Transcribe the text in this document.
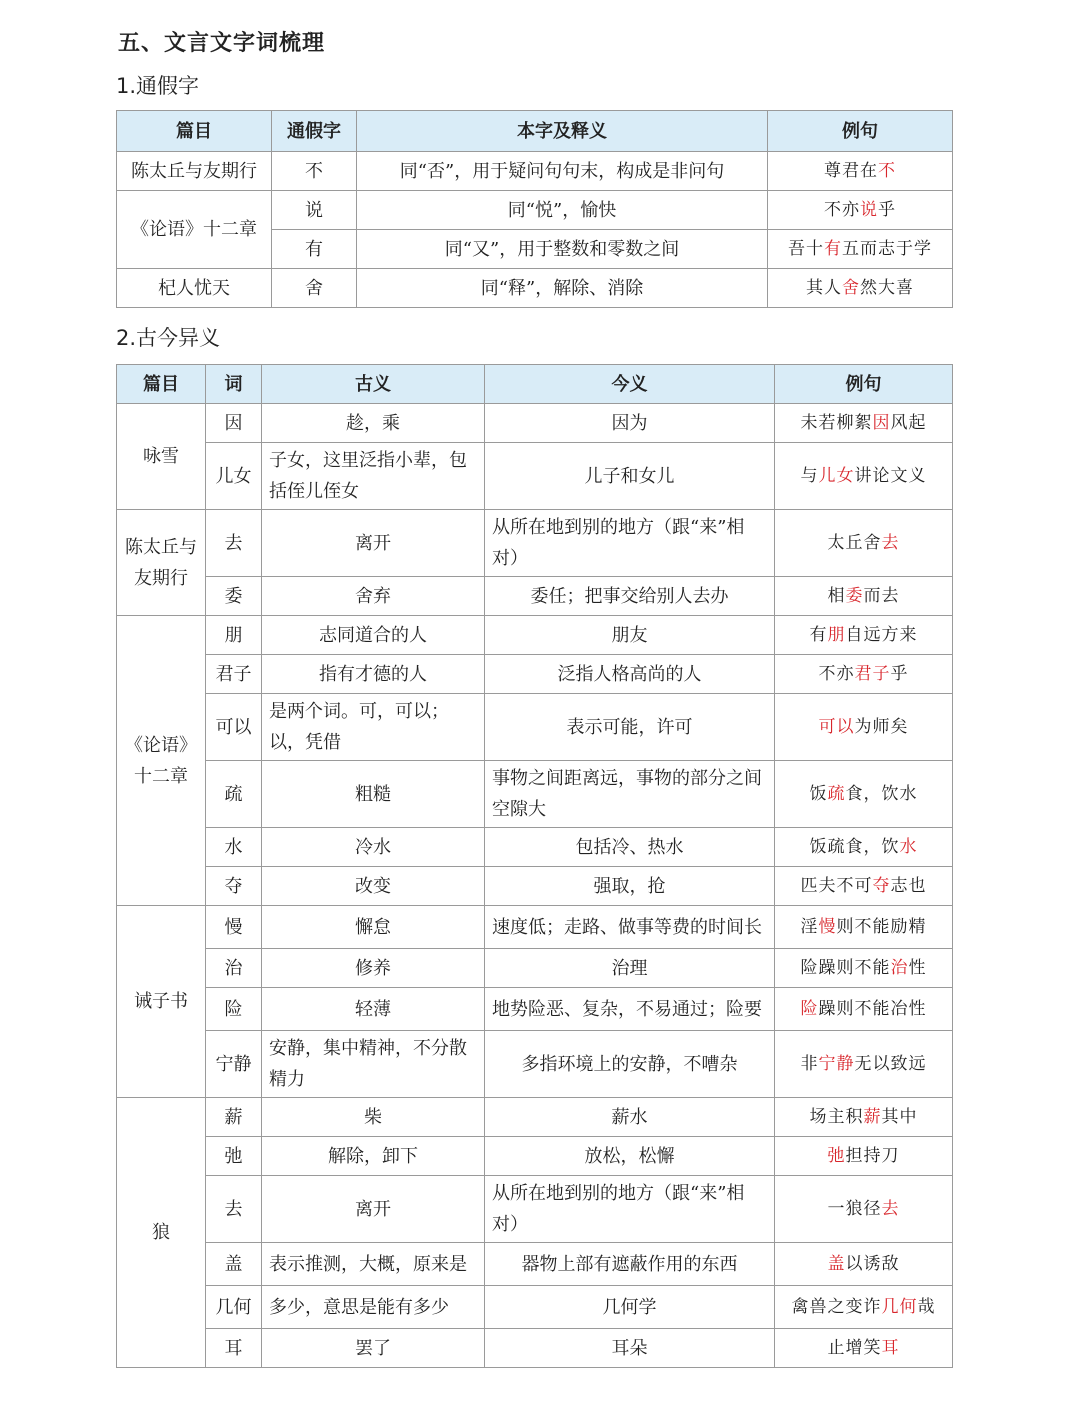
五、文言文字词梳理
1.通假字
篇目	通假字	本字及释义	例句
陈太丘与友期行	不	同“否”，用于疑问句句末，构成是非问句	尊君在不
《论语》十二章	说	同“悦”，愉快	不亦说乎
	有	同“又”，用于整数和零数之间	吾十有五而志于学
杞人忧天	舍	同“释”，解除、消除	其人舍然大喜
2.古今异义
篇目	词	古义	今义	例句
咏雪	因	趁，乘	因为	未若柳絮因风起
	儿女	子女，这里泛指小辈，包括侄儿侄女	儿子和女儿	与儿女讲论文义
陈太丘与友期行	去	离开	从所在地到别的地方（跟“来”相对）	太丘舍去
	委	舍弃	委任；把事交给别人去办	相委而去
《论语》十二章	朋	志同道合的人	朋友	有朋自远方来
	君子	指有才德的人	泛指人格高尚的人	不亦君子乎
	可以	是两个词。可，可以；以，凭借	表示可能，许可	可以为师矣
	疏	粗糙	事物之间距离远，事物的部分之间空隙大	饭疏食，饮水
	水	冷水	包括冷、热水	饭疏食，饮水
	夺	改变	强取，抢	匹夫不可夺志也
诫子书	慢	懈怠	速度低；走路、做事等费的时间长	淫慢则不能励精
	治	修养	治理	险躁则不能治性
	险	轻薄	地势险恶、复杂，不易通过；险要	险躁则不能冶性
	宁静	安静，集中精神，不分散精力	多指环境上的安静，不嘈杂	非宁静无以致远
狼	薪	柴	薪水	场主积薪其中
	弛	解除，卸下	放松，松懈	弛担持刀
	去	离开	从所在地到别的地方（跟“来”相对）	一狼径去
	盖	表示推测，大概，原来是	器物上部有遮蔽作用的东西	盖以诱敌
	几何	多少，意思是能有多少	几何学	禽兽之变诈几何哉
	耳	罢了	耳朵	止增笑耳
